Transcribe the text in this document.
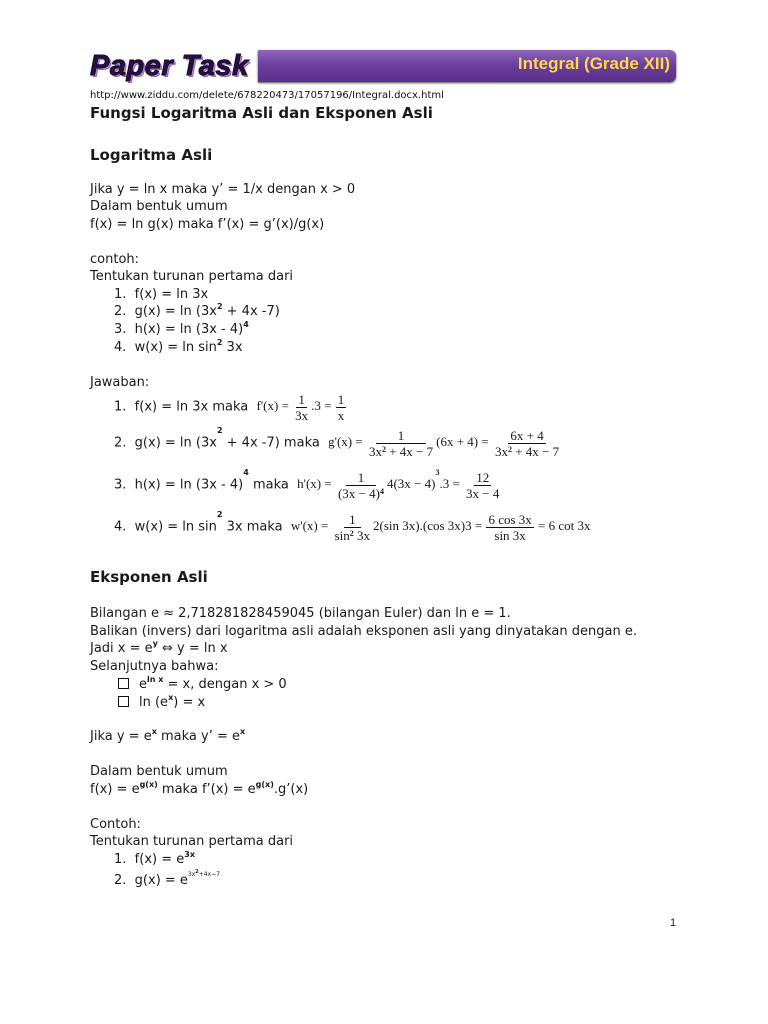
Paper Task	Integral (Grade XII)
http://www.ziddu.com/delete/678220473/17057196/Integral.docx.html
Fungsi Logaritma Asli dan Eksponen Asli
Logaritma Asli
Jika y = ln x maka y’ = 1/x dengan x > 0
Dalam bentuk umum
f(x) = ln g(x) maka f’(x) = g’(x)/g(x)
contoh:
Tentukan turunan pertama dari
1.  f(x) = ln 3x
2.  $g(x) = \ln (3x^2 + 4x$ -7)
3.  h(x) = ln (3x - 4)$^4$
4.  $w(x) = \ln \sin^2 3x$
Jawaban:
1.  f(x) = ln 3x maka $f'(x) = \frac{1}{3x} .3 = \frac{1}{x}$
2.  $g(x) = \ln (3x^2 + 4x$ -7) maka $g'(x) = \frac{1}{3x^2 + 4x - 7} (6x + 4) = \frac{6x + 4}{3x^2 + 4x - 7}$
3.  h(x) = ln (3x - 4)$^4$ maka $h'(x) = \frac{1}{(3x - 4)^4} 4(3x - 4)^3.3 = \frac{12}{3x - 4}$
4.  $w(x) = \ln \sin^2 3x$ maka $w'(x) = \frac{1}{\sin^2 3x} 2(\sin$ 3x).(cos $3x)3 = \frac{6 \cos 3x}{\sin 3x} = 6$ cot 3x
Eksponen Asli
Bilangan e ≈ 2,718281828459045 (bilangan Euler) dan ln e = 1.
Balikan (invers) dari logaritma asli adalah eksponen asli yang dinyatakan dengan e.
Jadi $x = e^y$ ⇔ y = ln x
Selanjutnya bahwa:
$e^{ln x} = x$, dengan x > 0
$\ln (e^x) = x$
Jika $y = e^x$ maka y’ = $e^x$
Dalam bentuk umum
$f(x) = e^{g(x)}$ maka f’(x) = $e^{g(x)}.g’(x)$
Contoh:
Tentukan turunan pertama dari
1.  $f(x) = e^{3x}$
2.  $g(x) = e^{3x^2+4x-7}$
1
